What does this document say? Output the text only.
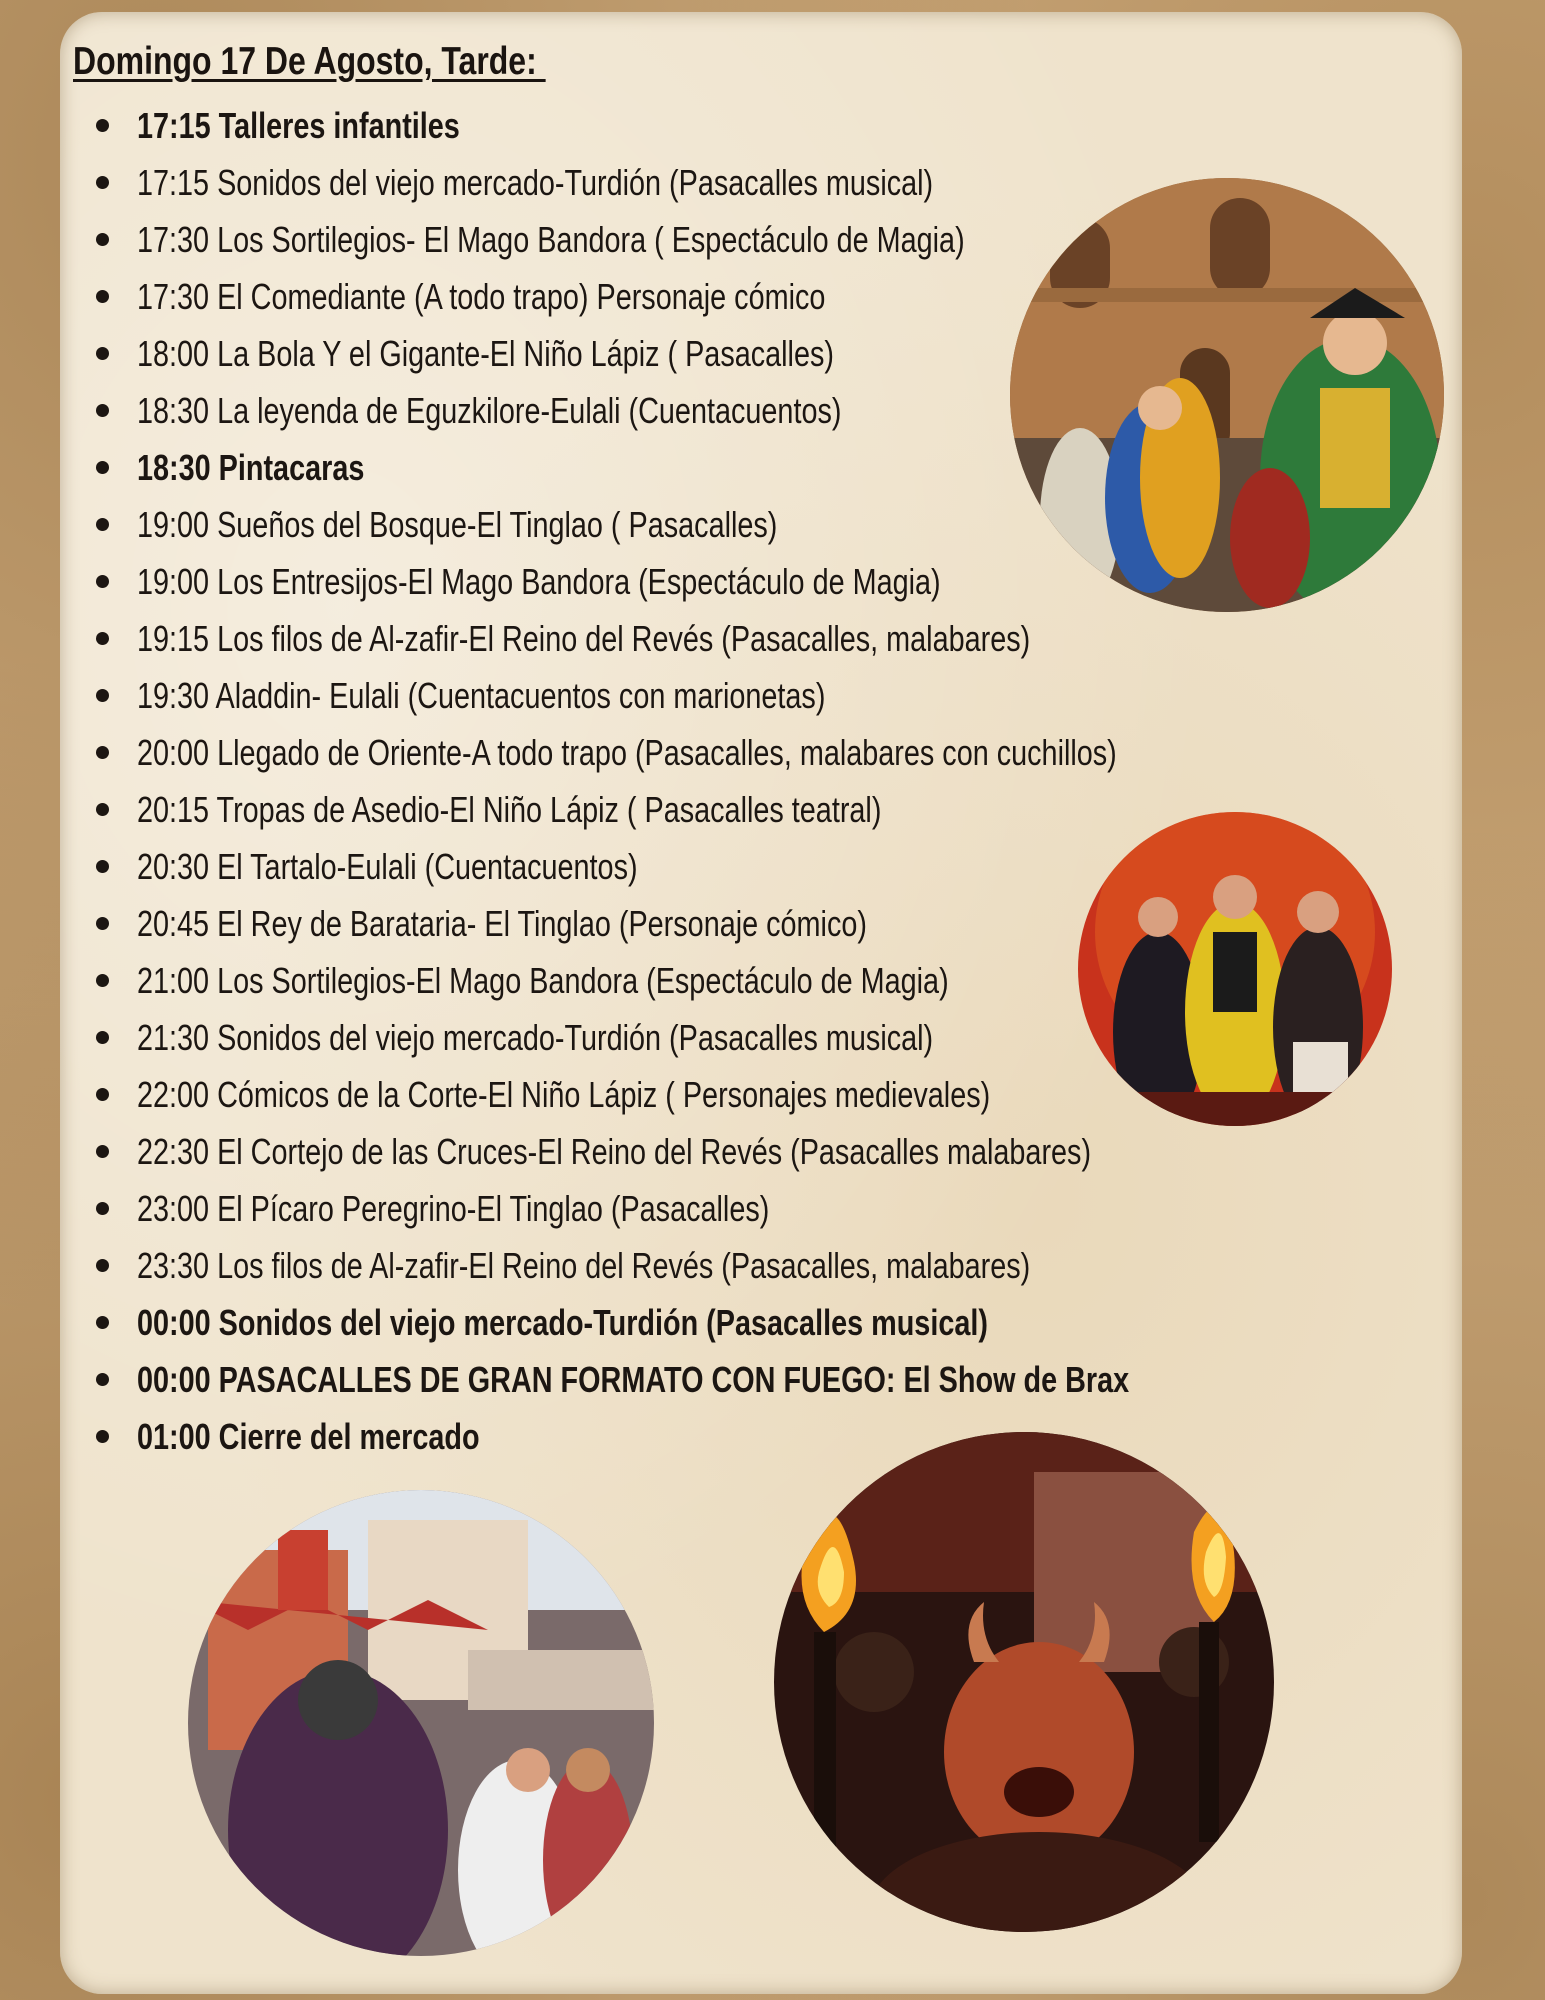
Domingo 17 De Agosto, Tarde:
17:15 Talleres infantiles
17:15 Sonidos del viejo mercado-Turdión (Pasacalles musical)
17:30 Los Sortilegios- El Mago Bandora ( Espectáculo de Magia)
17:30 El Comediante (A todo trapo) Personaje cómico
18:00 La Bola Y el Gigante-El Niño Lápiz ( Pasacalles)
18:30 La leyenda de Eguzkilore-Eulali (Cuentacuentos)
18:30 Pintacaras
19:00 Sueños del Bosque-El Tinglao ( Pasacalles)
19:00 Los Entresijos-El Mago Bandora (Espectáculo de Magia)
19:15 Los filos de Al-zafir-El Reino del Revés (Pasacalles, malabares)
19:30 Aladdin- Eulali (Cuentacuentos con marionetas)
20:00 Llegado de Oriente-A todo trapo (Pasacalles, malabares con cuchillos)
20:15 Tropas de Asedio-El Niño Lápiz ( Pasacalles teatral)
20:30 El Tartalo-Eulali (Cuentacuentos)
20:45 El Rey de Barataria- El Tinglao (Personaje cómico)
21:00 Los Sortilegios-El Mago Bandora (Espectáculo de Magia)
21:30 Sonidos del viejo mercado-Turdión (Pasacalles musical)
22:00 Cómicos de la Corte-El Niño Lápiz ( Personajes medievales)
22:30 El Cortejo de las Cruces-El Reino del Revés (Pasacalles malabares)
23:00 El Pícaro Peregrino-El Tinglao (Pasacalles)
23:30 Los filos de Al-zafir-El Reino del Revés (Pasacalles, malabares)
00:00 Sonidos del viejo mercado-Turdión (Pasacalles musical)
00:00 PASACALLES DE GRAN FORMATO CON FUEGO: El Show de Brax
01:00 Cierre del mercado
